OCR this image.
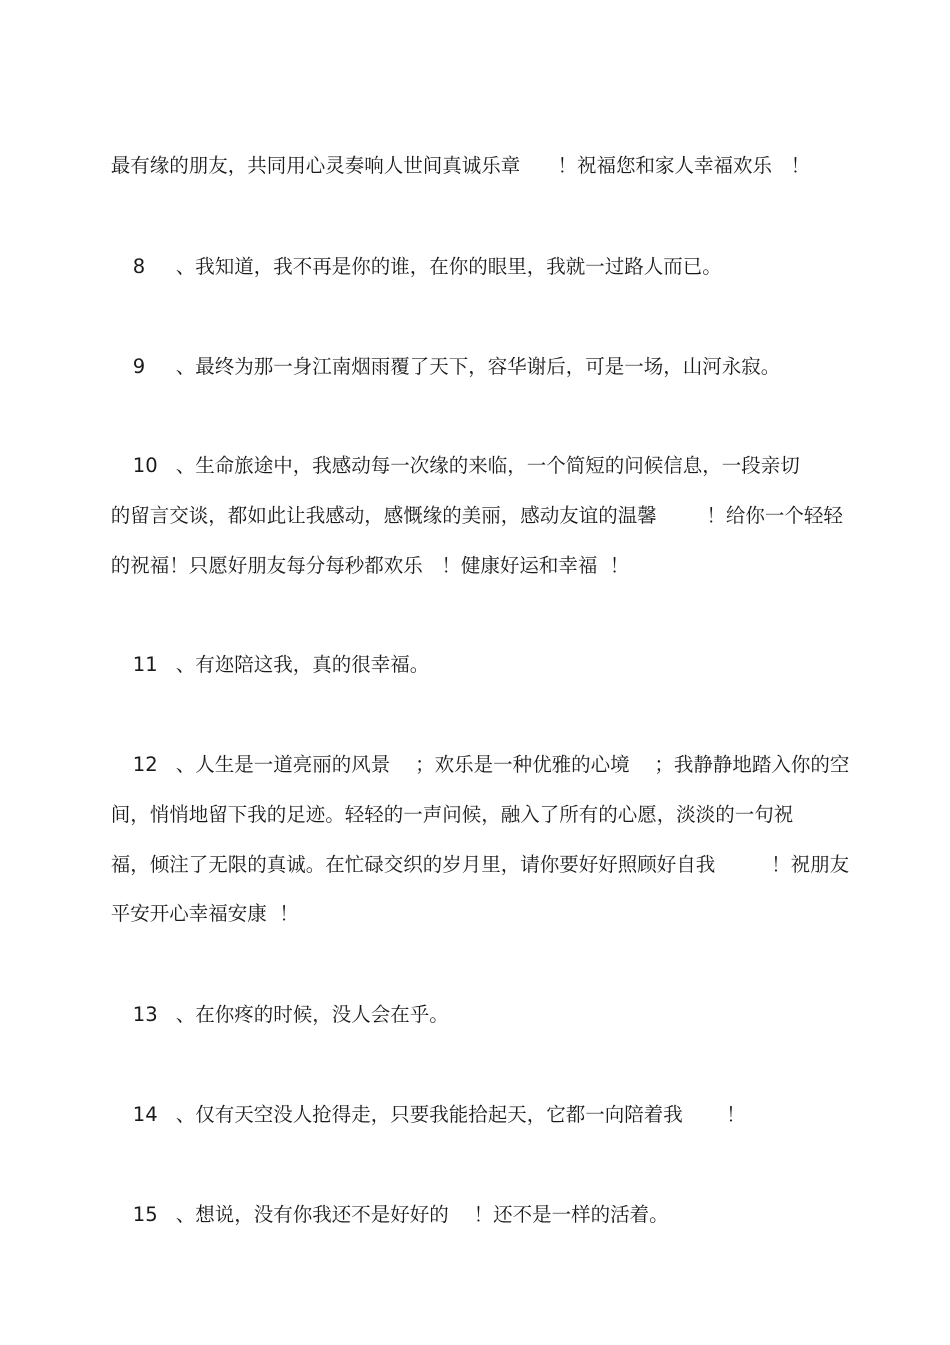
最有缘的朋友，共同用心灵奏响人世间真诚乐章      ！祝福您和家人幸福欢乐   ！

8 、我知道，我不再是你的谁，在你的眼里，我就一过路人而已。

9 、最终为那一身江南烟雨覆了天下，容华谢后，可是一场，山河永寂。

10 、生命旅途中，我感动每一次缘的来临，一个简短的问候信息，一段亲切

的留言交谈，都如此让我感动，感慨缘的美丽，感动友谊的温馨        ！给你一个轻轻

的祝福！只愿好朋友每分每秒都欢乐   ！健康好运和幸福  ！

11 、有迩陪这我，真的很幸福。

12 、人生是一道亮丽的风景    ；欢乐是一种优雅的心境    ；我静静地踏入你的空

间，悄悄地留下我的足迹。轻轻的一声问候，融入了所有的心愿，淡淡的一句祝

福，倾注了无限的真诚。在忙碌交织的岁月里，请你要好好照顾好自我         ！祝朋友

平安开心幸福安康  ！

13 、在你疼的时候，没人会在乎。

14 、仅有天空没人抢得走，只要我能拾起天，它都一向陪着我       ！

15 、想说，没有你我还不是好好的    ！还不是一样的活着。
